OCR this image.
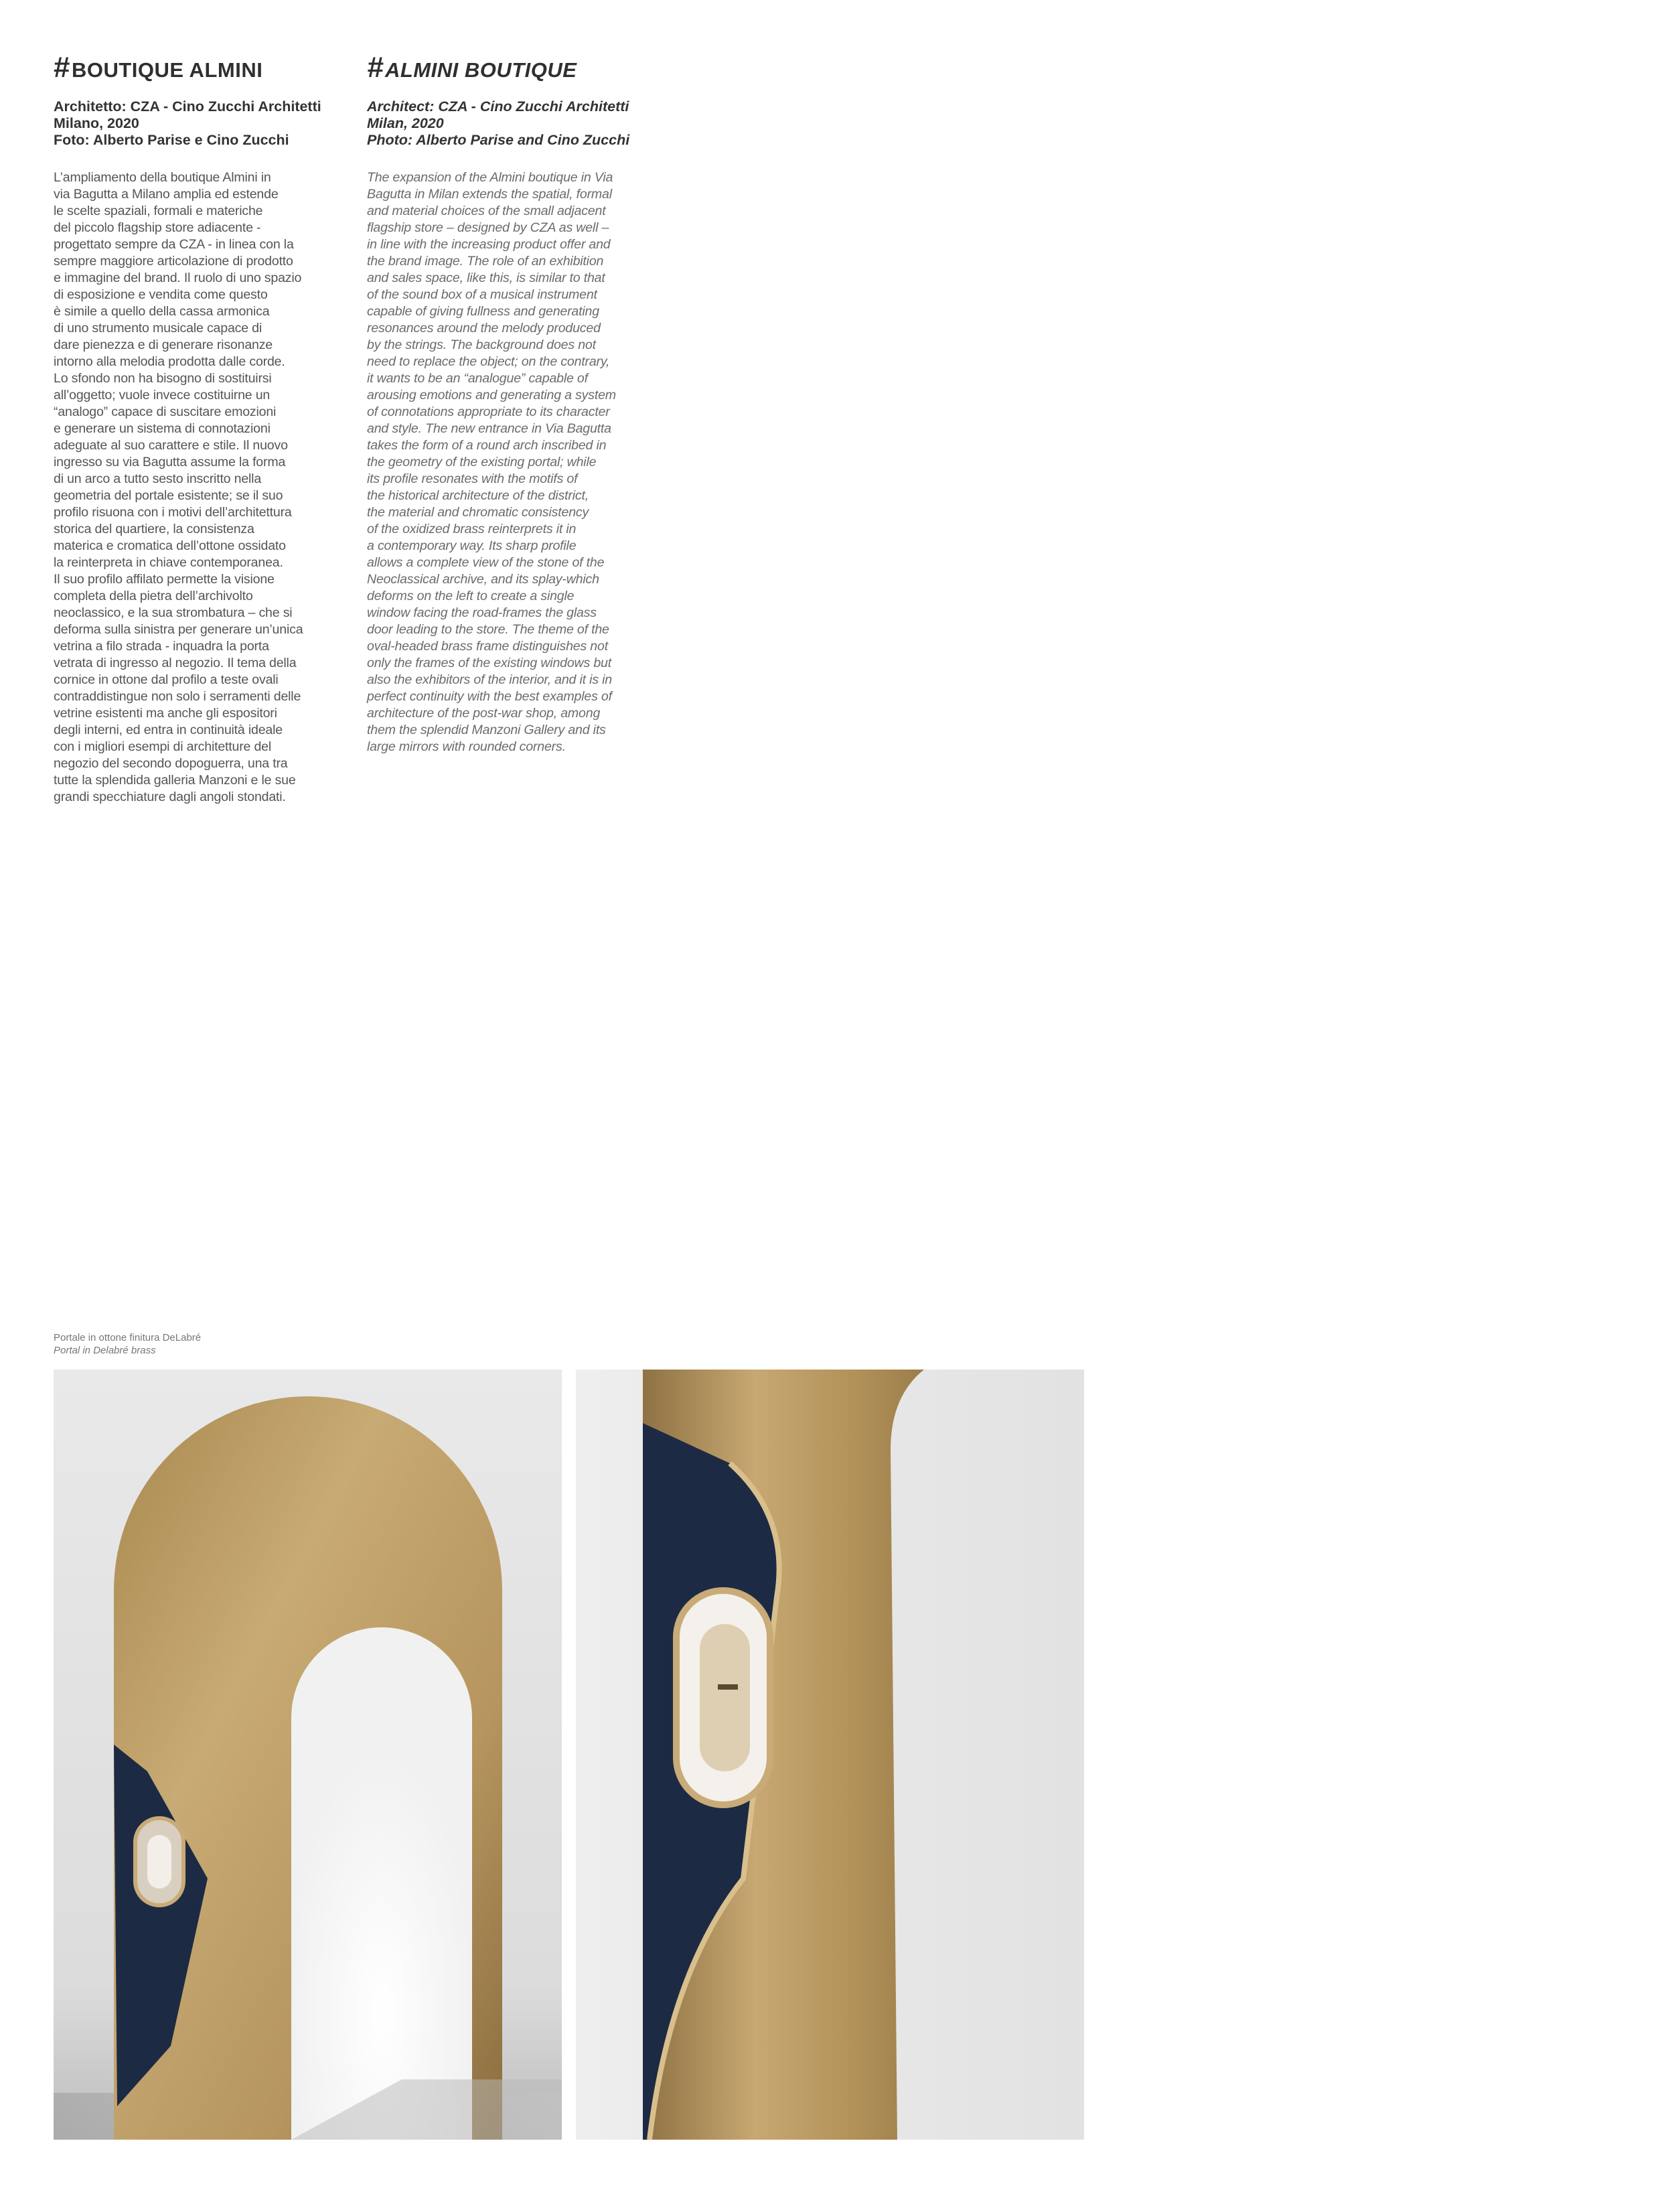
#BOUTIQUE ALMINI
Architetto: CZA - Cino Zucchi Architetti
Milano, 2020
Foto: Alberto Parise e Cino Zucchi
L’ampliamento della boutique Almini in
via Bagutta a Milano amplia ed estende
le scelte spaziali, formali e materiche
del piccolo flagship store adiacente -
progettato sempre da CZA - in linea con la
sempre maggiore articolazione di prodotto
e immagine del brand. Il ruolo di uno spazio
di esposizione e vendita come questo
è simile a quello della cassa armonica
di uno strumento musicale capace di
dare pienezza e di generare risonanze
intorno alla melodia prodotta dalle corde.
Lo sfondo non ha bisogno di sostituirsi
all’oggetto; vuole invece costituirne un
“analogo” capace di suscitare emozioni
e generare un sistema di connotazioni
adeguate al suo carattere e stile. Il nuovo
ingresso su via Bagutta assume la forma
di un arco a tutto sesto inscritto nella
geometria del portale esistente; se il suo
profilo risuona con i motivi dell’architettura
storica del quartiere, la consistenza
materica e cromatica dell’ottone ossidato
la reinterpreta in chiave contemporanea.
Il suo profilo affilato permette la visione
completa della pietra dell’archivolto
neoclassico, e la sua strombatura – che si
deforma sulla sinistra per generare un’unica
vetrina a filo strada - inquadra la porta
vetrata di ingresso al negozio. Il tema della
cornice in ottone dal profilo a teste ovali
contraddistingue non solo i serramenti delle
vetrine esistenti ma anche gli espositori
degli interni, ed entra in continuità ideale
con i migliori esempi di architetture del
negozio del secondo dopoguerra, una tra
tutte la splendida galleria Manzoni e le sue
grandi specchiature dagli angoli stondati.
#ALMINI BOUTIQUE
Architect: CZA - Cino Zucchi Architetti
Milan, 2020
Photo: Alberto Parise and Cino Zucchi
The expansion of the Almini boutique in Via
Bagutta in Milan extends the spatial, formal
and material choices of the small adjacent
flagship store – designed by CZA as well –
in line with the increasing product offer and
the brand image. The role of an exhibition
and sales space, like this, is similar to that
of the sound box of a musical instrument
capable of giving fullness and generating
resonances around the melody produced
by the strings. The background does not
need to replace the object; on the contrary,
it wants to be an “analogue” capable of
arousing emotions and generating a system
of connotations appropriate to its character
and style. The new entrance in Via Bagutta
takes the form of a round arch inscribed in
the geometry of the existing portal; while
its profile resonates with the motifs of
the historical architecture of the district,
the material and chromatic consistency
of the oxidized brass reinterprets it in
a contemporary way. Its sharp profile
allows a complete view of the stone of the
Neoclassical archive, and its splay-which
deforms on the left to create a single
window facing the road-frames the glass
door leading to the store. The theme of the
oval-headed brass frame distinguishes not
only the frames of the existing windows but
also the exhibitors of the interior, and it is in
perfect continuity with the best examples of
architecture of the post-war shop, among
them the splendid Manzoni Gallery and its
large mirrors with rounded corners.
Portale in ottone finitura DeLabré
Portal in Delabré brass
